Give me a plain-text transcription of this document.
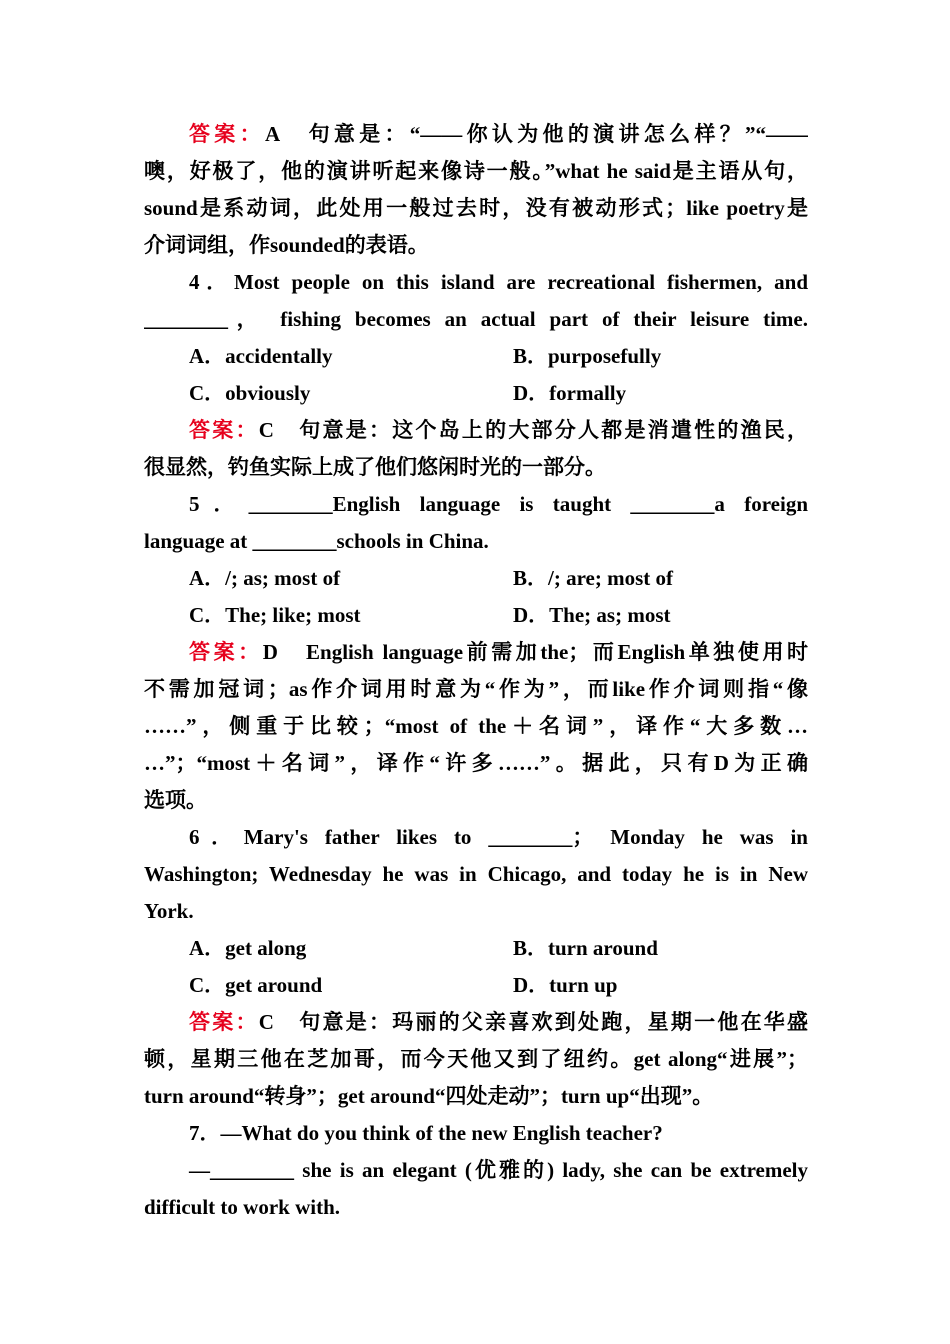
答案：A　句意是：“——你认为他的演讲怎么样？”“——
噢，好极了，他的演讲听起来像诗一般。”what he said是主语从句，
sound是系动词，此处用一般过去时，没有被动形式；like poetry是
介词词组，作sounded的表语。
4．Most people on this island are recreational fishermen, and
________， fishing becomes an actual part of their leisure time.
A．accidentally	B．purposefully
C．obviously	D．formally
答案：C　句意是：这个岛上的大部分人都是消遣性的渔民，
很显然，钓鱼实际上成了他们悠闲时光的一部分。
5．________English language is taught ________a foreign
language at ________schools in China.
A．/; as; most of	B．/; are; most of
C．The; like; most	D．The; as; most
答案：D　English language前需加the；而English单独使用时
不需加冠词；as作介词用时意为“作为”，而like作介词则指“像
……”，侧重于比较；“most of the＋名词”，译作“大多数…
…”；“most＋名词”，译作“许多……”。据此，只有D为正确
选项。
6．Mary's father likes to ________； Monday he was in
Washington; Wednesday he was in Chicago, and today he is in New
York.
A．get along	B．turn around
C．get around	D．turn up
答案：C　句意是：玛丽的父亲喜欢到处跑，星期一他在华盛
顿，星期三他在芝加哥，而今天他又到了纽约。get along“进展”；
turn around“转身”；get around“四处走动”；turn up“出现”。
7．—What do you think of the new English teacher?
—________ she is an elegant (优雅的) lady, she can be extremely
difficult to work with.
